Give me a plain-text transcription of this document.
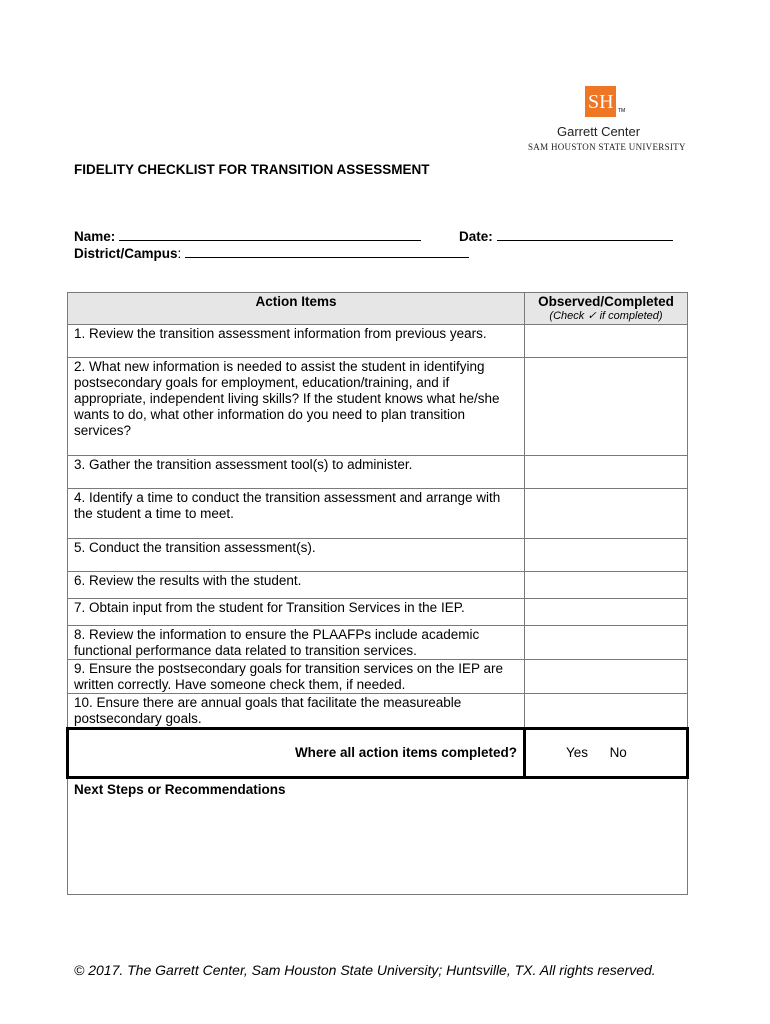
SH TM
Garrett Center
SAM HOUSTON STATE UNIVERSITY
FIDELITY CHECKLIST FOR TRANSITION ASSESSMENT
Name:	Date:
District/Campus:
Action Items	Observed/Completed
(Check ✓ if completed)

1. Review the transition assessment information from previous years.	
2. What new information is needed to assist the student in identifying postsecondary goals for employment, education/training, and if appropriate, independent living skills? If the student knows what he/she wants to do, what other information do you need to plan transition services?	
3. Gather the transition assessment tool(s) to administer.	
4. Identify a time to conduct the transition assessment and arrange with the student a time to meet.	
5. Conduct the transition assessment(s).	
6. Review the results with the student.	
7. Obtain input from the student for Transition Services in the IEP.	
8. Review the information to ensure the PLAAFPs include academic functional performance data related to transition services.	
9. Ensure the postsecondary goals for transition services on the IEP are written correctly. Have someone check them, if needed.	
10. Ensure there are annual goals that facilitate the measureable postsecondary goals.	
Where all action items completed?	Yes No
Next Steps or Recommendations	
© 2017. The Garrett Center, Sam Houston State University; Huntsville, TX. All rights reserved.
